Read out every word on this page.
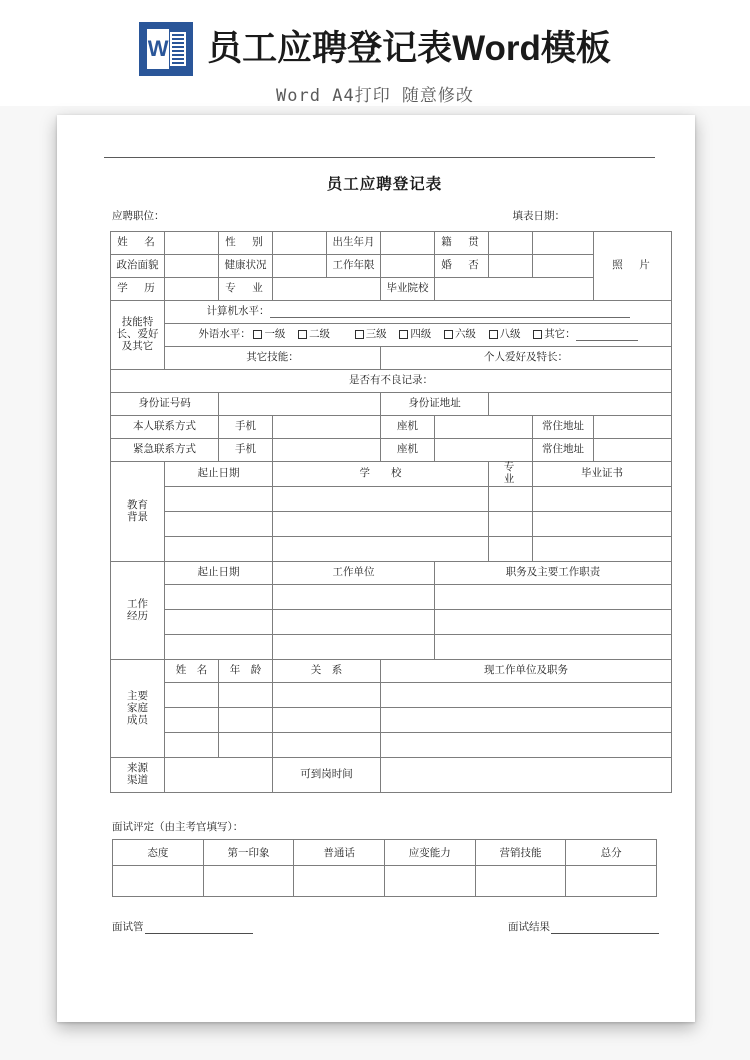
W 员工应聘登记表Word模板
Word A4打印 随意修改
员工应聘登记表
应聘职位：	填表日期：
姓　名		性　别		出生年月		籍　贯			照　片
政治面貌		健康状况		工作年限		婚　否			
学　历		专　业			毕业院校				
技能特
长、爱好
及其它	计算机水平：								
	外语水平： 一级 二级 三级 四级 六级 八级 其它：								
	其它技能：				个人爱好及特长：				
是否有不良记录：									
身份证号码					身份证地址				
本人联系方式		手机			座机			常住地址	
紧急联系方式		手机			座机			常住地址	
教育
背景	起止日期		学　　校				专　业	毕业证书	

工作
经历	起止日期		工作单位			职务及主要工作职责			

主要
家庭
成员	姓　名	年　龄	关　系		现工作单位及职务				

来源
渠道			可到岗时间						
面试评定（由主考官填写）：
态度	第一印象	普通话	应变能力	营销技能	总分

面试管	面试结果
